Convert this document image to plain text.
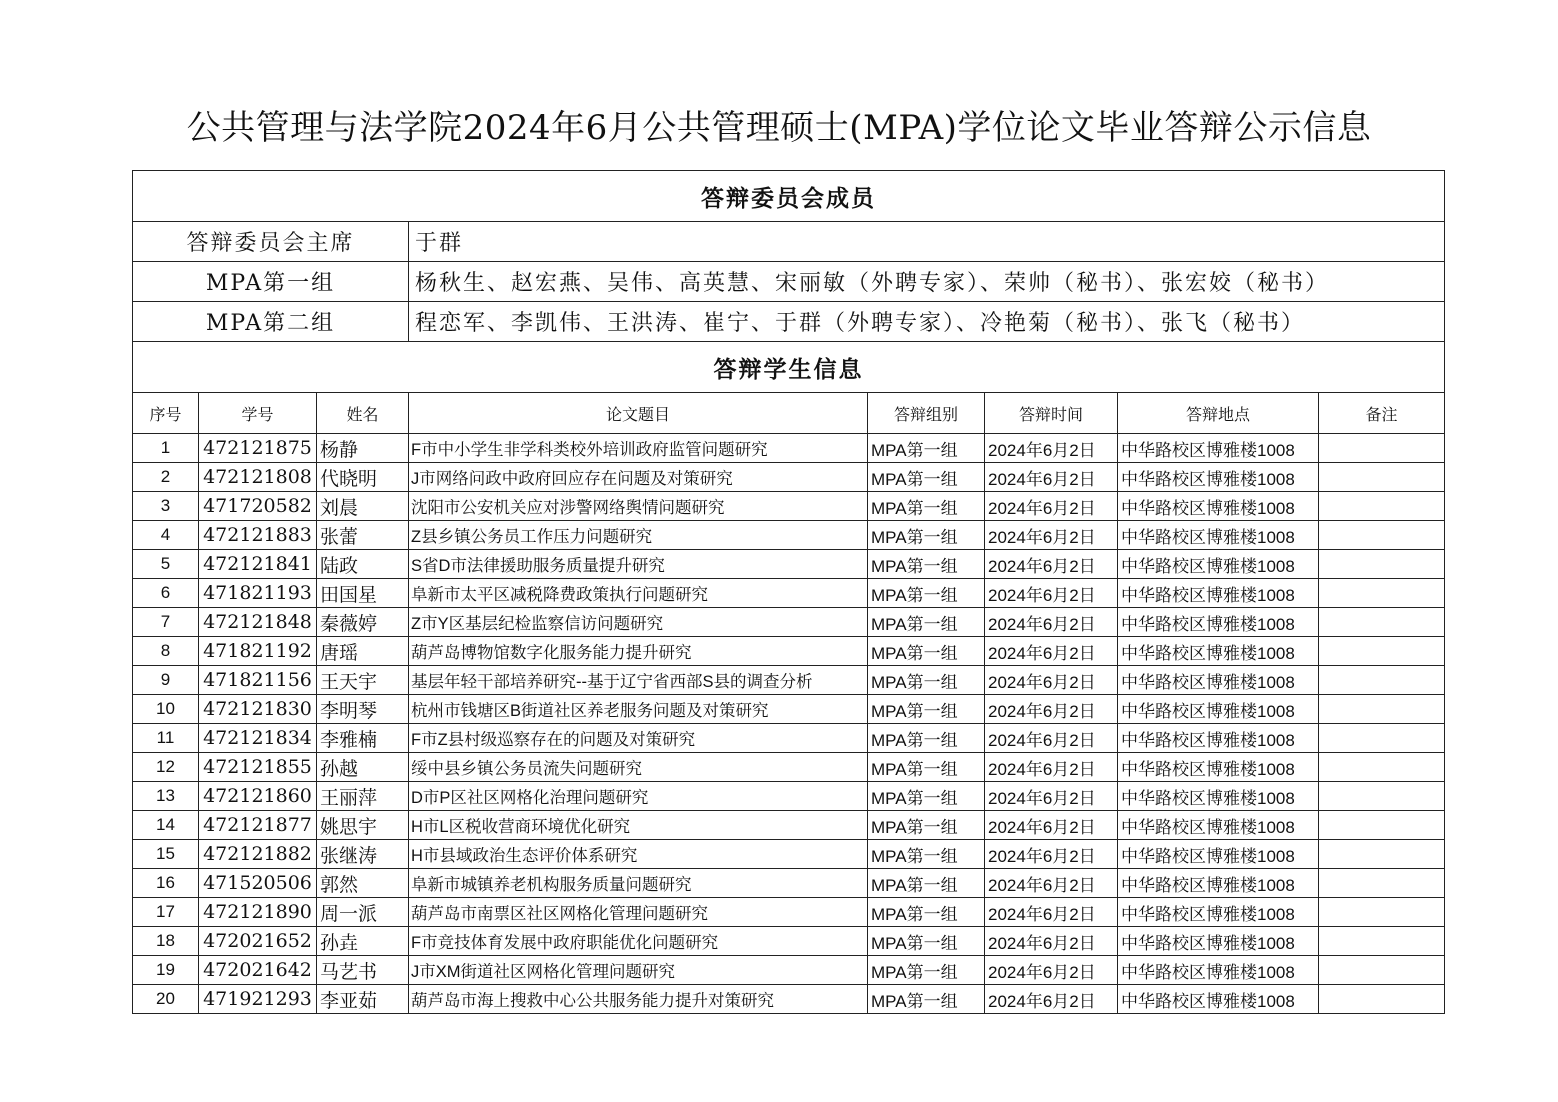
公共管理与法学院2024年6月公共管理硕士(MPA)学位论文毕业答辩公示信息
答辩委员会成员							
答辩委员会主席			于群				
MPA第一组			杨秋生、赵宏燕、吴伟、高英慧、宋丽敏（外聘专家）、荣帅（秘书）、张宏姣（秘书）				
MPA第二组			程恋军、李凯伟、王洪涛、崔宁、于群（外聘专家）、冷艳菊（秘书）、张飞（秘书）				
答辩学生信息							
序号	学号	姓名	论文题目	答辩组别	答辩时间	答辩地点	备注
1	472121875	杨静	F市中小学生非学科类校外培训政府监管问题研究	MPA第一组	2024年6月2日	中华路校区博雅楼1008	
2	472121808	代晓明	J市网络问政中政府回应存在问题及对策研究	MPA第一组	2024年6月2日	中华路校区博雅楼1008	
3	471720582	刘晨	沈阳市公安机关应对涉警网络舆情问题研究	MPA第一组	2024年6月2日	中华路校区博雅楼1008	
4	472121883	张蕾	Z县乡镇公务员工作压力问题研究	MPA第一组	2024年6月2日	中华路校区博雅楼1008	
5	472121841	陆政	S省D市法律援助服务质量提升研究	MPA第一组	2024年6月2日	中华路校区博雅楼1008	
6	471821193	田国星	阜新市太平区减税降费政策执行问题研究	MPA第一组	2024年6月2日	中华路校区博雅楼1008	
7	472121848	秦薇婷	Z市Y区基层纪检监察信访问题研究	MPA第一组	2024年6月2日	中华路校区博雅楼1008	
8	471821192	唐瑶	葫芦岛博物馆数字化服务能力提升研究	MPA第一组	2024年6月2日	中华路校区博雅楼1008	
9	471821156	王天宇	基层年轻干部培养研究--基于辽宁省西部S县的调查分析	MPA第一组	2024年6月2日	中华路校区博雅楼1008	
10	472121830	李明琴	杭州市钱塘区B街道社区养老服务问题及对策研究	MPA第一组	2024年6月2日	中华路校区博雅楼1008	
11	472121834	李雅楠	F市Z县村级巡察存在的问题及对策研究	MPA第一组	2024年6月2日	中华路校区博雅楼1008	
12	472121855	孙越	绥中县乡镇公务员流失问题研究	MPA第一组	2024年6月2日	中华路校区博雅楼1008	
13	472121860	王丽萍	D市P区社区网格化治理问题研究	MPA第一组	2024年6月2日	中华路校区博雅楼1008	
14	472121877	姚思宇	H市L区税收营商环境优化研究	MPA第一组	2024年6月2日	中华路校区博雅楼1008	
15	472121882	张继涛	H市县域政治生态评价体系研究	MPA第一组	2024年6月2日	中华路校区博雅楼1008	
16	471520506	郭然	阜新市城镇养老机构服务质量问题研究	MPA第一组	2024年6月2日	中华路校区博雅楼1008	
17	472121890	周一派	葫芦岛市南票区社区网格化管理问题研究	MPA第一组	2024年6月2日	中华路校区博雅楼1008	
18	472021652	孙垚	F市竞技体育发展中政府职能优化问题研究	MPA第一组	2024年6月2日	中华路校区博雅楼1008	
19	472021642	马艺书	J市XM街道社区网格化管理问题研究	MPA第一组	2024年6月2日	中华路校区博雅楼1008	
20	471921293	李亚茹	葫芦岛市海上搜救中心公共服务能力提升对策研究	MPA第一组	2024年6月2日	中华路校区博雅楼1008	
